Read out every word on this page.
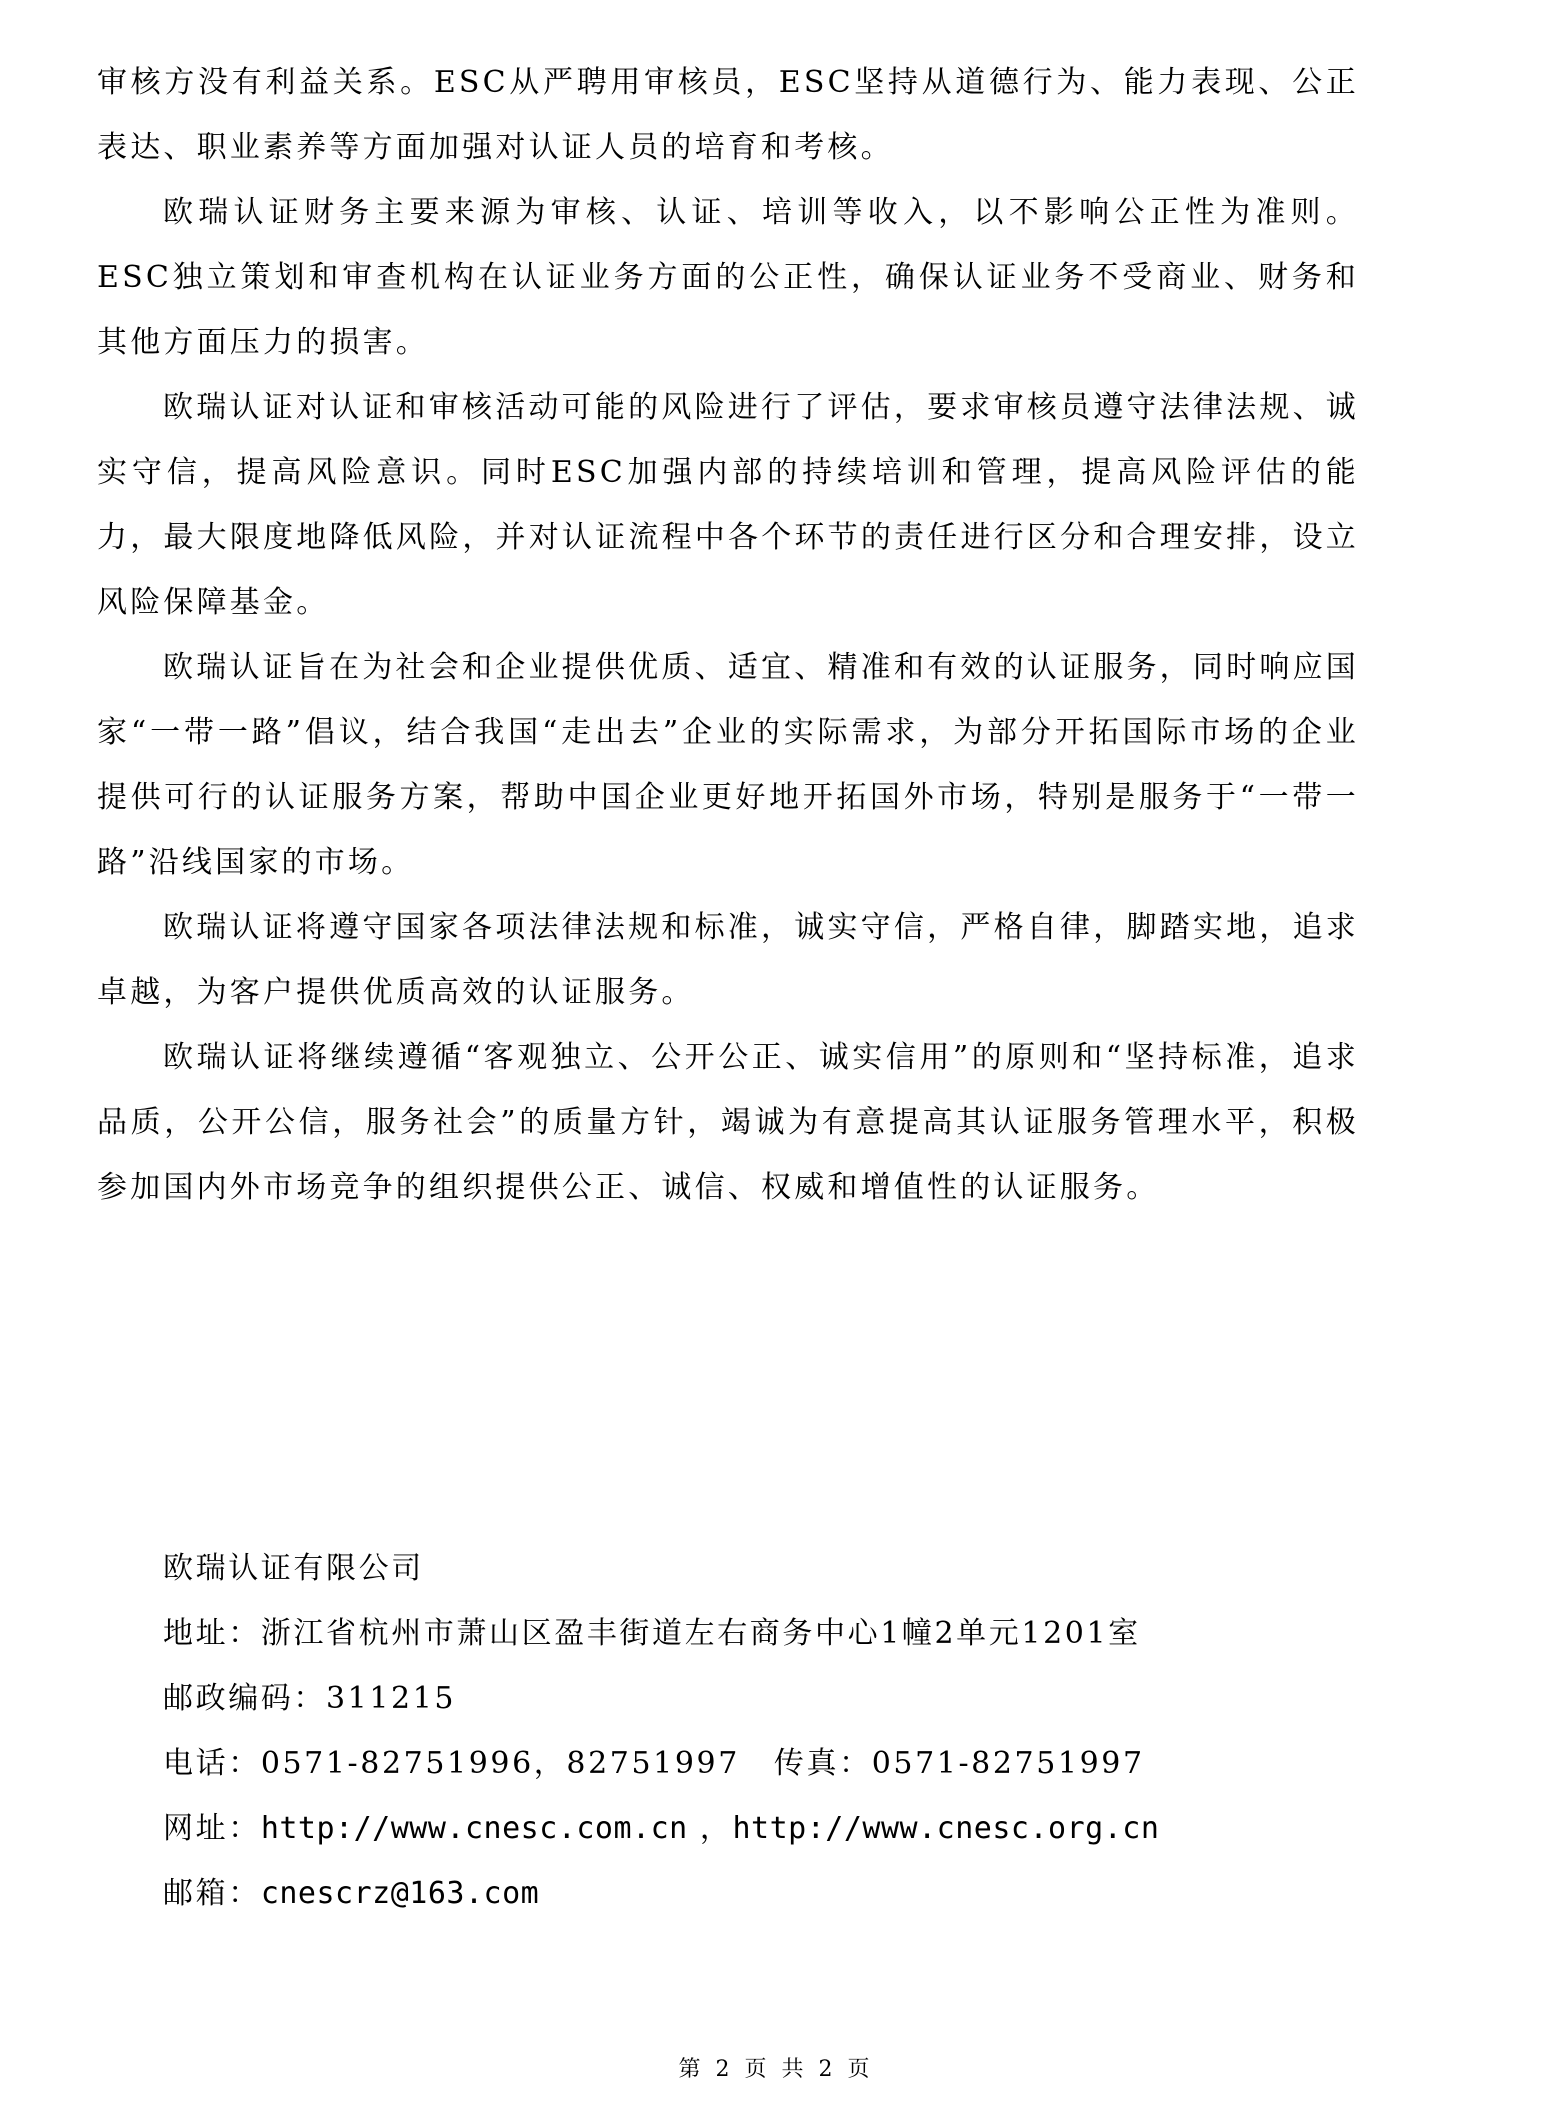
审核方没有利益关系。ESC从严聘用审核员，ESC坚持从道德行为、能力表现、公正表达、职业素养等方面加强对认证人员的培育和考核。

欧瑞认证财务主要来源为审核、认证、培训等收入，以不影响公正性为准则。ESC独立策划和审查机构在认证业务方面的公正性，确保认证业务不受商业、财务和其他方面压力的损害。

欧瑞认证对认证和审核活动可能的风险进行了评估，要求审核员遵守法律法规、诚实守信，提高风险意识。同时ESC加强内部的持续培训和管理，提高风险评估的能力，最大限度地降低风险，并对认证流程中各个环节的责任进行区分和合理安排，设立风险保障基金。

欧瑞认证旨在为社会和企业提供优质、适宜、精准和有效的认证服务，同时响应国家“一带一路”倡议，结合我国“走出去”企业的实际需求，为部分开拓国际市场的企业提供可行的认证服务方案，帮助中国企业更好地开拓国外市场，特别是服务于“一带一路”沿线国家的市场。

欧瑞认证将遵守国家各项法律法规和标准，诚实守信，严格自律，脚踏实地，追求卓越，为客户提供优质高效的认证服务。

欧瑞认证将继续遵循“客观独立、公开公正、诚实信用”的原则和“坚持标准，追求品质，公开公信，服务社会”的质量方针，竭诚为有意提高其认证服务管理水平，积极参加国内外市场竞争的组织提供公正、诚信、权威和增值性的认证服务。

欧瑞认证有限公司

地址：浙江省杭州市萧山区盈丰街道左右商务中心1幢2单元1201室

邮政编码：311215

电话：0571-82751996，82751997 传真：0571-82751997

网址：http://www.cnesc.com.cn ，http://www.cnesc.org.cn

邮箱：cnescrz@163.com

第 2 页 共 2 页
